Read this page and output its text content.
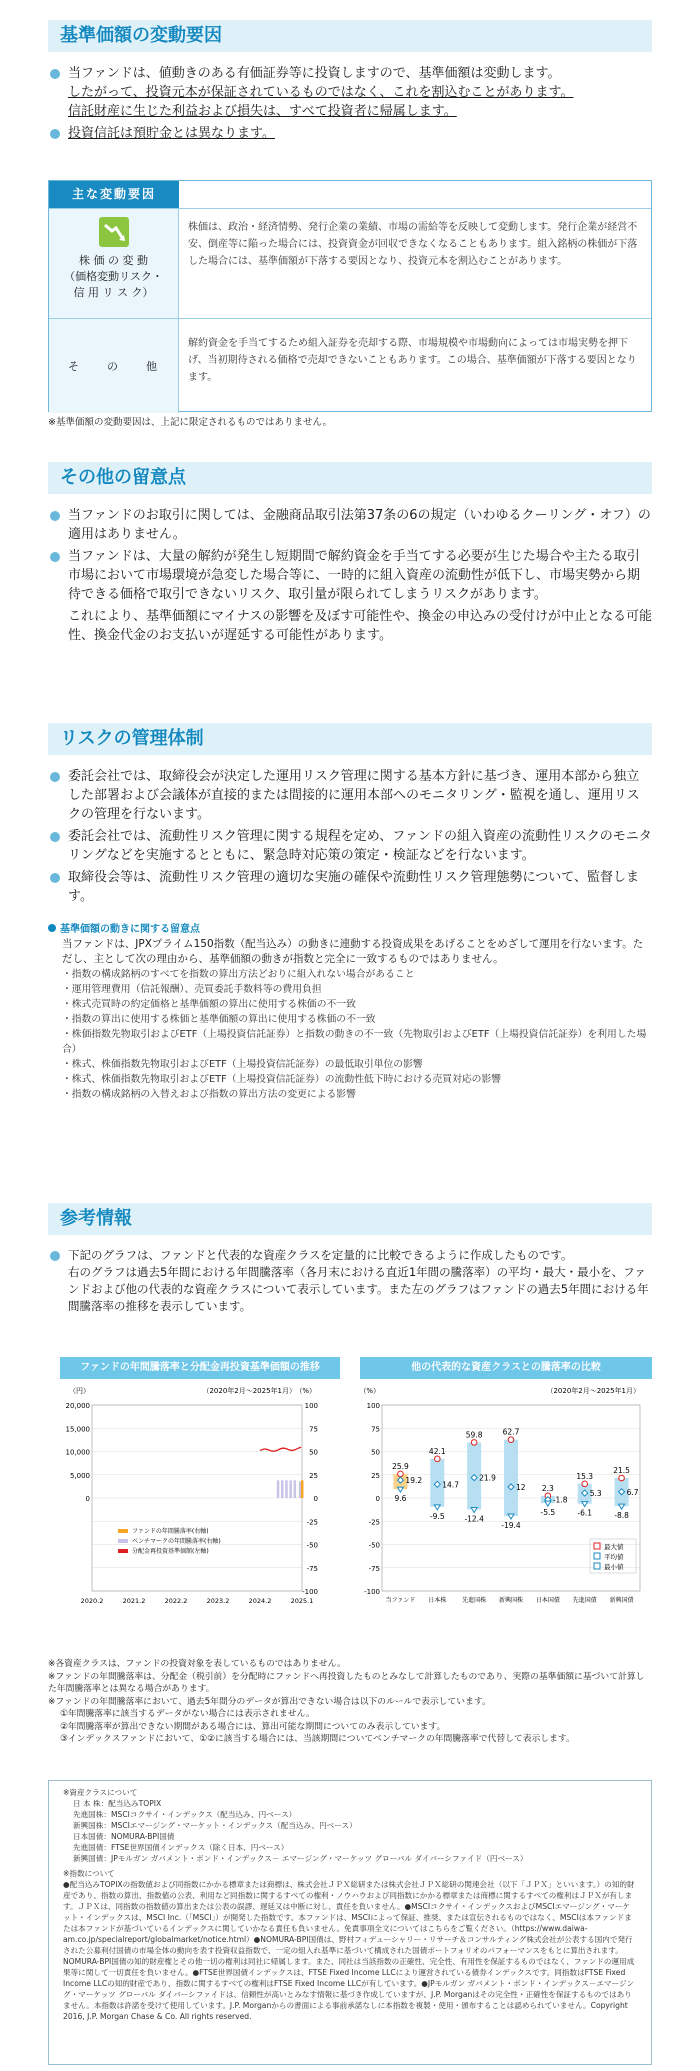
基準価額の変動要因
当ファンドは、値動きのある有価証券等に投資しますので、基準価額は変動します。
したがって、投資元本が保証されているものではなく、これを割込むことがあります。
信託財産に生じた利益および損失は、すべて投資者に帰属します。
投資信託は預貯金とは異なります。
主な変動要因
株 価 の 変 動
（価格変動リスク・
信 用 リ ス ク）
株価は、政治・経済情勢、発行企業の業績、市場の需給等を反映して変動します。発行企業が経営不安、倒産等に陥った場合には、投資資金が回収できなくなることもあります。組入銘柄の株価が下落した場合には、基準価額が下落する要因となり、投資元本を割込むことがあります。
そ　　の　　他
解約資金を手当てするため組入証券を売却する際、市場規模や市場動向によっては市場実勢を押下げ、当初期待される価格で売却できないこともあります。この場合、基準価額が下落する要因となります。
※基準価額の変動要因は、上記に限定されるものではありません。
その他の留意点
当ファンドのお取引に関しては、金融商品取引法第37条の6の規定（いわゆるクーリング・オフ）の適用はありません。
当ファンドは、大量の解約が発生し短期間で解約資金を手当てする必要が生じた場合や主たる取引市場において市場環境が急変した場合等に、一時的に組入資産の流動性が低下し、市場実勢から期待できる価格で取引できないリスク、取引量が限られてしまうリスクがあります。
これにより、基準価額にマイナスの影響を及ぼす可能性や、換金の申込みの受付けが中止となる可能性、換金代金のお支払いが遅延する可能性があります。
リスクの管理体制
委託会社では、取締役会が決定した運用リスク管理に関する基本方針に基づき、運用本部から独立した部署および会議体が直接的または間接的に運用本部へのモニタリング・監視を通し、運用リスクの管理を行ないます。
委託会社では、流動性リスク管理に関する規程を定め、ファンドの組入資産の流動性リスクのモニタリングなどを実施するとともに、緊急時対応策の策定・検証などを行ないます。
取締役会等は、流動性リスク管理の適切な実施の確保や流動性リスク管理態勢について、監督します。
基準価額の動きに関する留意点
当ファンドは、JPXプライム150指数（配当込み）の動きに連動する投資成果をあげることをめざして運用を行ないます。ただし、主として次の理由から、基準価額の動きが指数と完全に一致するものではありません。
・指数の構成銘柄のすべてを指数の算出方法どおりに組入れない場合があること
・運用管理費用（信託報酬）、売買委託手数料等の費用負担
・株式売買時の約定価格と基準価額の算出に使用する株価の不一致
・指数の算出に使用する株価と基準価額の算出に使用する株価の不一致
・株価指数先物取引およびETF（上場投資信託証券）と指数の動きの不一致（先物取引およびETF（上場投資信託証券）を利用した場合）
・株式、株価指数先物取引およびETF（上場投資信託証券）の最低取引単位の影響
・株式、株価指数先物取引およびETF（上場投資信託証券）の流動性低下時における売買対応の影響
・指数の構成銘柄の入替えおよび指数の算出方法の変更による影響
参考情報
下記のグラフは、ファンドと代表的な資産クラスを定量的に比較できるように作成したものです。
右のグラフは過去5年間における年間騰落率（各月末における直近1年間の騰落率）の平均・最大・最小を、ファンドおよび他の代表的な資産クラスについて表示しています。また左のグラフはファンドの過去5年間における年間騰落率の推移を表示しています。
ファンドの年間騰落率と分配金再投資基準価額の推移
（円）	（%）
（2020年2月～2025年1月）
20,000
15,000
10,000
5,000
0
100
75
50
25
0
-25
-50
-75
-100
2020.2	2021.2	2022.2	2023.2	2024.2	2025.1
ファンドの年間騰落率(右軸)
ベンチマークの年間騰落率(右軸)
分配金再投資基準価額(左軸)
他の代表的な資産クラスとの騰落率の比較
（%）	（2020年2月～2025年1月）
100
75
50
25
0
-25
-50
-75
-100
25.9
19.2
9.6
当ファンド
42.1
14.7
-9.5
日本株
59.8
21.9
-12.4
先進国株
62.7
12
-19.4
新興国株
2.3
-1.8
-5.5
日本国債
15.3
5.3
-6.1
先進国債
21.5
6.7
-8.8
新興国債
最大値
平均値
最小値
※各資産クラスは、ファンドの投資対象を表しているものではありません。
※ファンドの年間騰落率は、分配金（税引前）を分配時にファンドへ再投資したものとみなして計算したものであり、実際の基準価額に基づいて計算した年間騰落率とは異なる場合があります。
※ファンドの年間騰落率において、過去5年間分のデータが算出できない場合は以下のルールで表示しています。
①年間騰落率に該当するデータがない場合には表示されません。
②年間騰落率が算出できない期間がある場合には、算出可能な期間についてのみ表示しています。
③インデックスファンドにおいて、①②に該当する場合には、当該期間についてベンチマークの年間騰落率で代替して表示します。
※資産クラスについて
日 本 株：配当込みTOPIX
先進国株：MSCIコクサイ・インデックス（配当込み、円ベース）
新興国株：MSCIエマージング・マーケット・インデックス（配当込み、円ベース）
日本国債：NOMURA-BPI国債
先進国債：FTSE世界国債インデックス（除く日本、円ベース）
新興国債：JPモルガン ガバメント・ボンド・インデックス－ エマージング・マーケッツ グローバル ダイバーシファイド（円ベース）
※指数について
●配当込みTOPIXの指数値および同指数にかかる標章または商標は、株式会社ＪＰＸ総研または株式会社ＪＰＸ総研の関連会社（以下「ＪＰＸ」といいます。）の知的財産であり、指数の算出、指数値の公表、利用など同指数に関するすべての権利・ノウハウおよび同指数にかかる標章または商標に関するすべての権利はＪＰＸが有します。ＪＰＸは、同指数の指数値の算出または公表の誤謬、遅延又は中断に対し、責任を負いません。●MSCIコクサイ・インデックスおよびMSCIエマージング・マーケット・インデックスは、MSCI Inc.（「MSCI」）が開発した指数です。本ファンドは、MSCIによって保証、推奨、または宣伝されるものではなく、MSCIは本ファンドまたは本ファンドが基づいているインデックスに関していかなる責任も負いません。免責事項全文についてはこちらをご覧ください。（https://www.daiwa-am.co.jp/specialreport/globalmarket/notice.html）●NOMURA-BPI国債は、野村フィデューシャリー・リサーチ＆コンサルティング株式会社が公表する国内で発行された公募利付国債の市場全体の動向を表す投資収益指数で、一定の組入れ基準に基づいて構成された国債ポートフォリオのパフォーマンスをもとに算出されます。NOMURA-BPI国債の知的財産権とその他一切の権利は同社に帰属します。また、同社は当該指数の正確性、完全性、有用性を保証するものではなく、ファンドの運用成果等に関して一切責任を負いません。●FTSE世界国債インデックスは、FTSE Fixed Income LLCにより運営されている債券インデックスです。同指数はFTSE Fixed Income LLCの知的財産であり、指数に関するすべての権利はFTSE Fixed Income LLCが有しています。●JPモルガン ガバメント・ボンド・インデックス－エマージング・マーケッツ グローバル ダイバーシファイドは、信頼性が高いとみなす情報に基づき作成していますが、J.P. Morganはその完全性・正確性を保証するものではありません。本指数は許諾を受けて使用しています。J.P. Morganからの書面による事前承諾なしに本指数を複製・使用・頒布することは認められていません。Copyright 2016, J.P. Morgan Chase & Co. All rights reserved.
